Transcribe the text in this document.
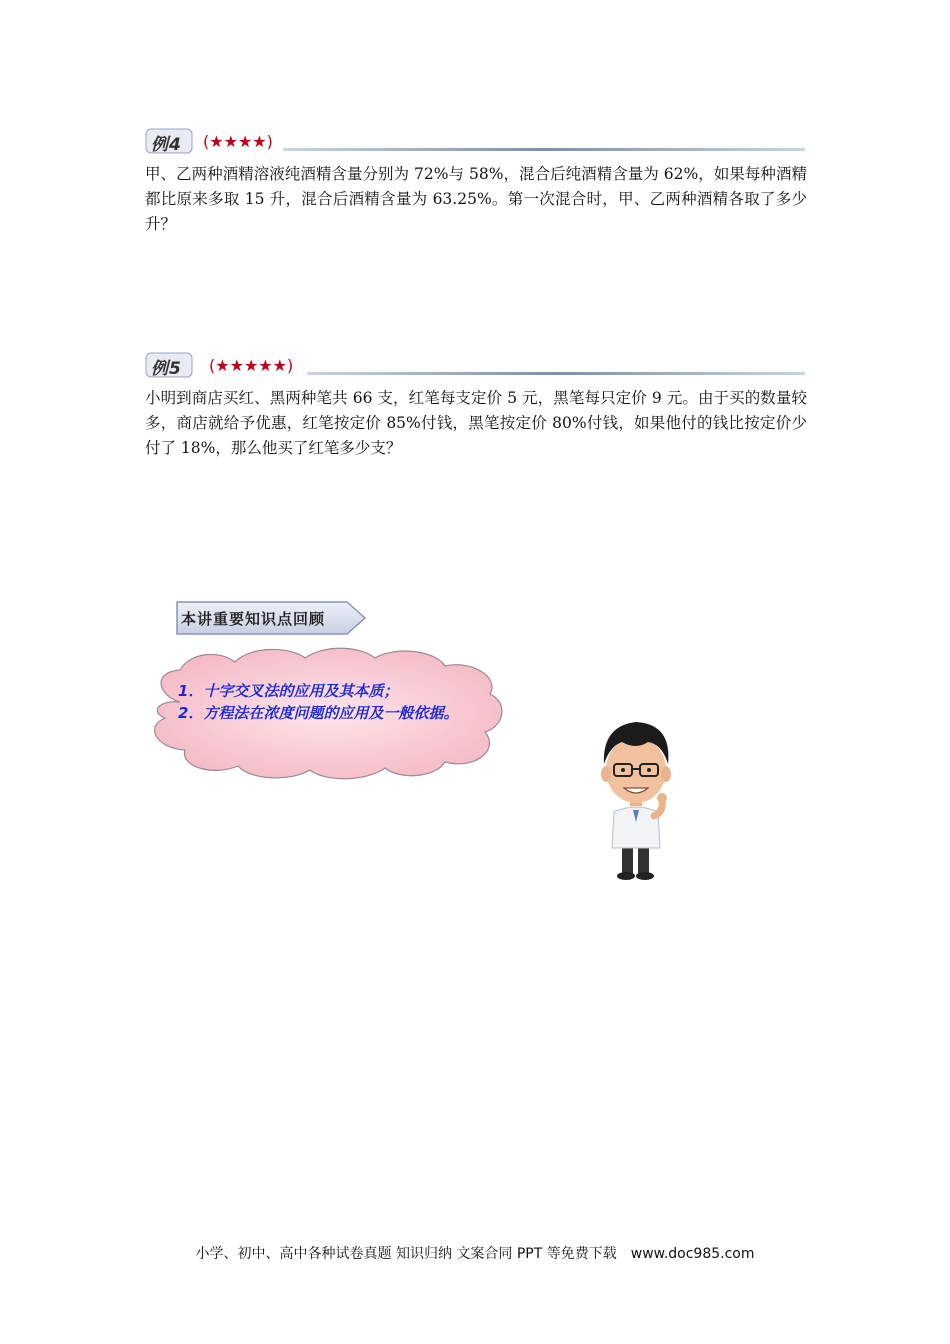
例4 (★★★★)

甲、乙两种酒精溶液纯酒精含量分别为 72%与 58%，混合后纯酒精含量为 62%，如果每种酒精都比原来多取 15 升，混合后酒精含量为 63.25%。第一次混合时，甲、乙两种酒精各取了多少升？

例5 (★★★★★)

小明到商店买红、黑两种笔共 66 支，红笔每支定价 5 元，黑笔每只定价 9 元。由于买的数量较多，商店就给予优惠，红笔按定价 85%付钱，黑笔按定价 80%付钱，如果他付的钱比按定价少付了 18%，那么他买了红笔多少支？

本讲重要知识点回顾
1．十字交叉法的应用及其本质；
2．方程法在浓度问题的应用及一般依据。
小学、初中、高中各种试卷真题 知识归纳 文案合同 PPT 等免费下载 www.doc985.com
